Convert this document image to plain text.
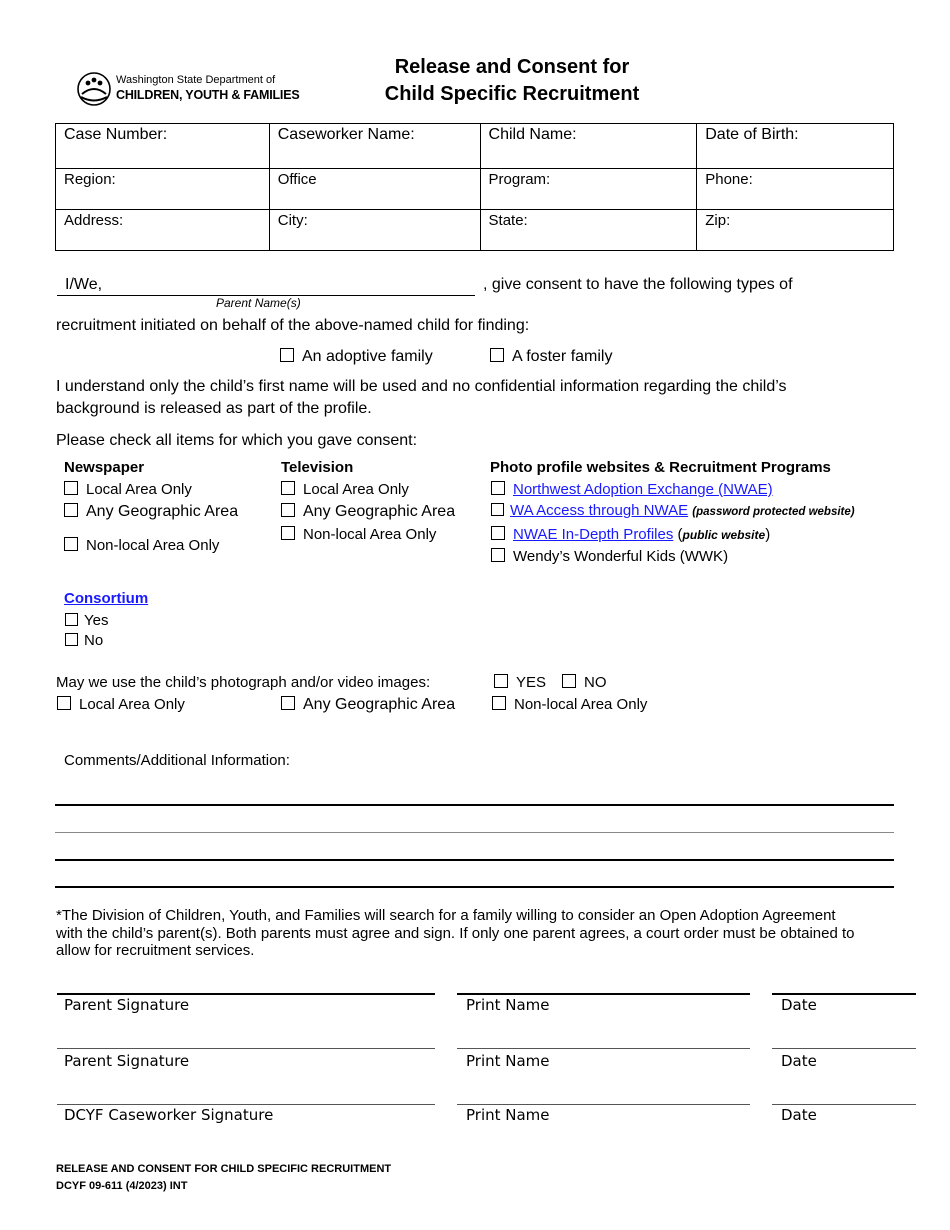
Washington State Department of
CHILDREN, YOUTH & FAMILIES
Release and Consent for
Child Specific Recruitment
Case Number:	Caseworker Name:	Child Name:	Date of Birth:
Region:	Office	Program:	Phone:
Address:	City:	State:	Zip:
I/We,	, give consent to have the following types of
Parent Name(s)
recruitment initiated on behalf of the above-named child for finding:
An adoptive family	A foster family
I understand only the child’s first name will be used and no confidential information regarding the child’s
background is released as part of the profile.
Please check all items for which you gave consent:
Newspaper
Local Area Only
Any Geographic Area
Non-local Area Only
Television
Local Area Only
Any Geographic Area
Non-local Area Only
Photo profile websites & Recruitment Programs
Northwest Adoption Exchange (NWAE)
WA Access through NWAE (password protected website)
NWAE In-Depth Profiles (public website)
Wendy’s Wonderful Kids (WWK)
Consortium
Yes
No
May we use the child’s photograph and/or video images:	YES	NO
Local Area Only	Any Geographic Area	Non-local Area Only
Comments/Additional Information:
*The Division of Children, Youth, and Families will search for a family willing to consider an Open Adoption Agreement
with the child’s parent(s). Both parents must agree and sign. If only one parent agrees, a court order must be obtained to
allow for recruitment services.
Parent Signature	Print Name	Date
Parent Signature	Print Name	Date
DCYF Caseworker Signature	Print Name	Date
RELEASE AND CONSENT FOR CHILD SPECIFIC RECRUITMENT
DCYF 09-611 (4/2023) INT
